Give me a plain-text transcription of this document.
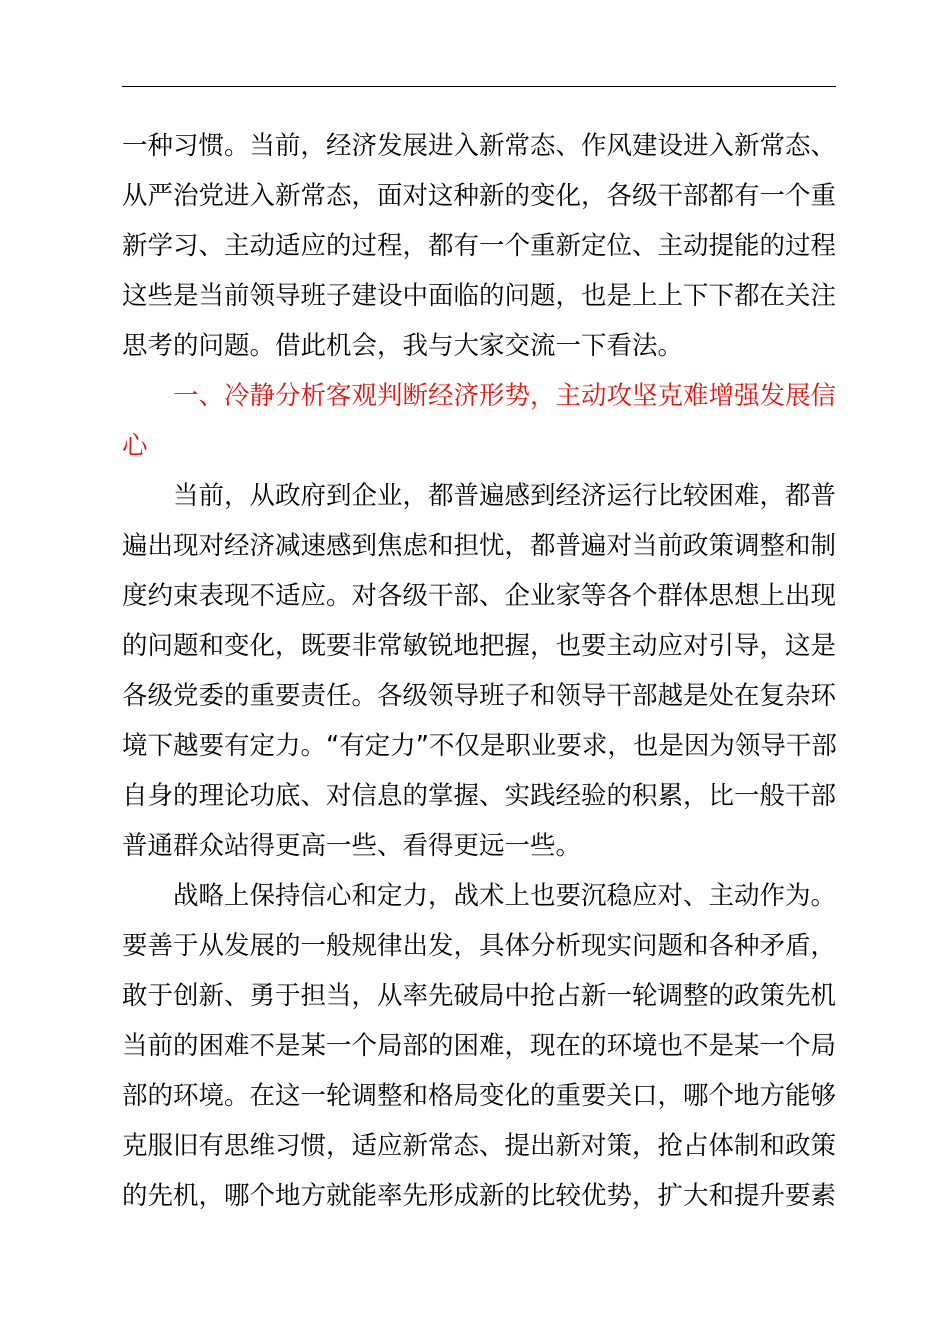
一种习惯。当前，经济发展进入新常态、作风建设进入新常态、
从严治党进入新常态，面对这种新的变化，各级干部都有一个重
新学习、主动适应的过程，都有一个重新定位、主动提能的过程
这些是当前领导班子建设中面临的问题，也是上上下下都在关注
思考的问题。借此机会，我与大家交流一下看法。
一、冷静分析客观判断经济形势，主动攻坚克难增强发展信
心
当前，从政府到企业，都普遍感到经济运行比较困难，都普
遍出现对经济减速感到焦虑和担忧，都普遍对当前政策调整和制
度约束表现不适应。对各级干部、企业家等各个群体思想上出现
的问题和变化，既要非常敏锐地把握，也要主动应对引导，这是
各级党委的重要责任。各级领导班子和领导干部越是处在复杂环
境下越要有定力。“有定力”不仅是职业要求，也是因为领导干部
自身的理论功底、对信息的掌握、实践经验的积累，比一般干部
普通群众站得更高一些、看得更远一些。
战略上保持信心和定力，战术上也要沉稳应对、主动作为。
要善于从发展的一般规律出发，具体分析现实问题和各种矛盾，
敢于创新、勇于担当，从率先破局中抢占新一轮调整的政策先机
当前的困难不是某一个局部的困难，现在的环境也不是某一个局
部的环境。在这一轮调整和格局变化的重要关口，哪个地方能够
克服旧有思维习惯，适应新常态、提出新对策，抢占体制和政策
的先机，哪个地方就能率先形成新的比较优势，扩大和提升要素
